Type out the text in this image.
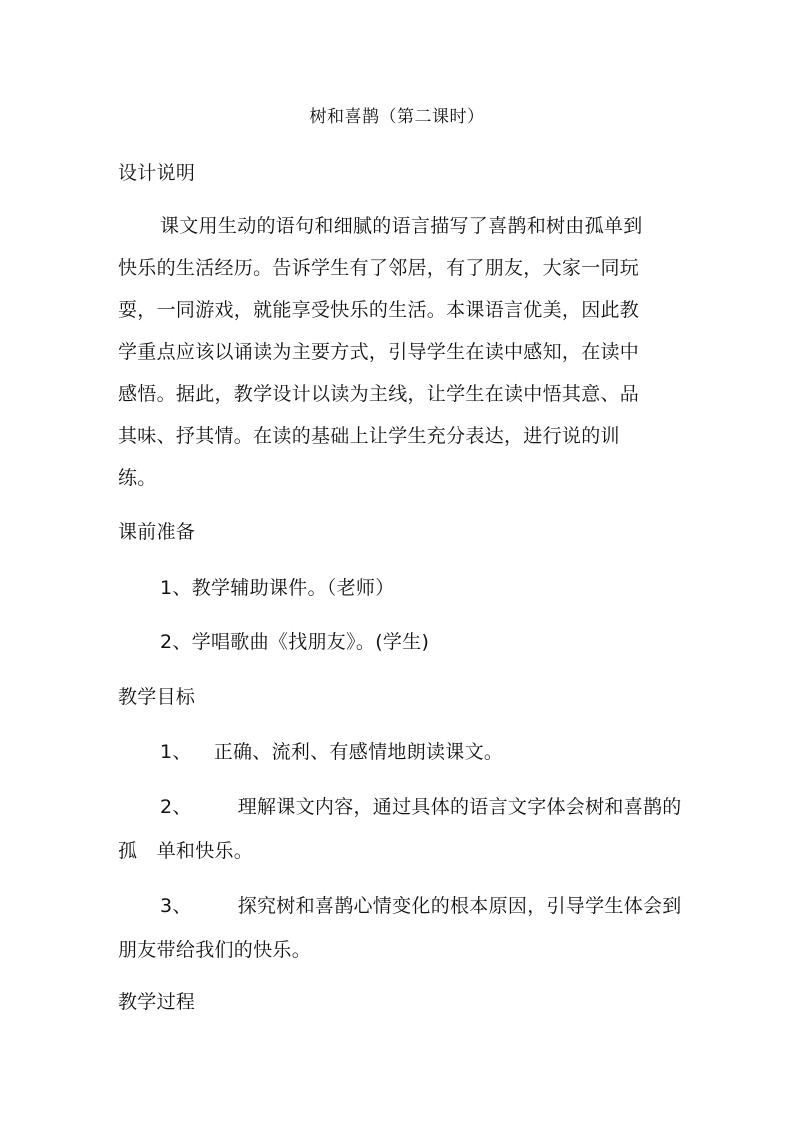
树和喜鹊（第二课时）
设计说明
课文用生动的语句和细腻的语言描写了喜鹊和树由孤单到
快乐的生活经历。告诉学生有了邻居，有了朋友，大家一同玩
耍，一同游戏，就能享受快乐的生活。本课语言优美，因此教
学重点应该以诵读为主要方式，引导学生在读中感知，在读中
感悟。据此，教学设计以读为主线，让学生在读中悟其意、品
其味、抒其情。在读的基础上让学生充分表达，进行说的训
练。
课前准备
1、教学辅助课件。（老师）
2、学唱歌曲《找朋友》。(学生)
教学目标
1、 正确、流利、有感情地朗读课文。
2、 理解课文内容，通过具体的语言文字体会树和喜鹊的
孤　单和快乐。
3、 探究树和喜鹊心情变化的根本原因，引导学生体会到
朋友带给我们的快乐。
教学过程
